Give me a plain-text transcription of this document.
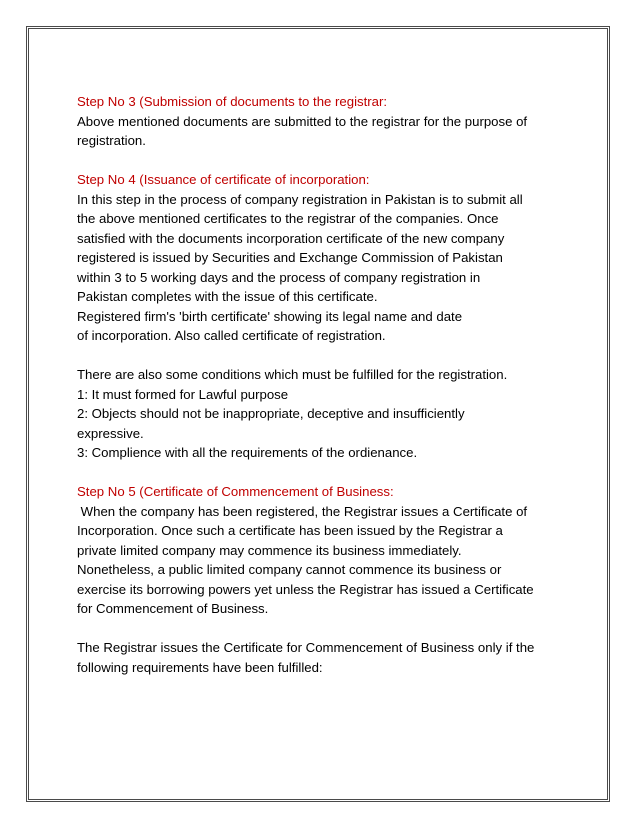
Step No 3 (Submission of documents to the registrar:
Above mentioned documents are submitted to the registrar for the purpose of
registration.
Step No 4 (Issuance of certificate of incorporation:
In this step in the process of company registration in Pakistan is to submit all
the above mentioned certificates to the registrar of the companies. Once
satisfied with the documents incorporation certificate of the new company
registered is issued by Securities and Exchange Commission of Pakistan
within 3 to 5 working days and the process of company registration in
Pakistan completes with the issue of this certificate.
Registered firm's 'birth certificate' showing its legal name and date
of incorporation. Also called certificate of registration.
There are also some conditions which must be fulfilled for the registration.
1: It must formed for Lawful purpose
2: Objects should not be inappropriate, deceptive and insufficiently
expressive.
3: Complience with all the requirements of the ordienance.
Step No 5 (Certificate of Commencement of Business:
When the company has been registered, the Registrar issues a Certificate of
Incorporation. Once such a certificate has been issued by the Registrar a
private limited company may commence its business immediately.
Nonetheless, a public limited company cannot commence its business or
exercise its borrowing powers yet unless the Registrar has issued a Certificate
for Commencement of Business.
The Registrar issues the Certificate for Commencement of Business only if the
following requirements have been fulfilled:
